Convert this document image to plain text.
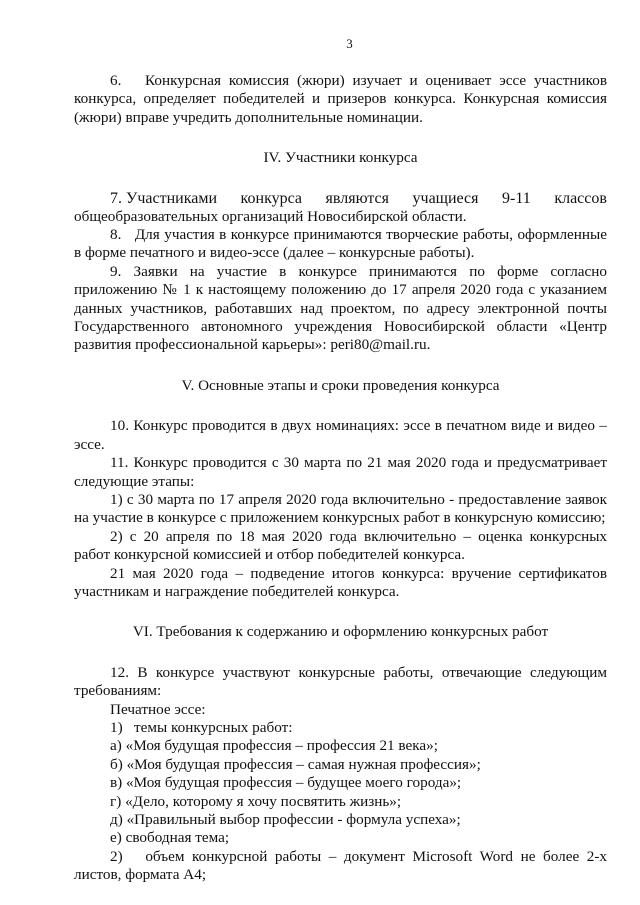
3

6.   Конкурсная комиссия (жюри) изучает и оценивает эссе участников конкурса, определяет победителей и призеров конкурса. Конкурсная комиссия (жюри) вправе учредить дополнительные номинации.

IV. Участники конкурса
7. Участниками конкурса являются учащиеся 9-11 классов

общеобразовательных организаций Новосибирской области.

8.   Для участия в конкурсе принимаются творческие работы, оформленные в форме печатного и видео-эссе (далее – конкурсные работы).

9. Заявки на участие в конкурсе принимаются по форме согласно приложению № 1 к настоящему положению до 17 апреля 2020 года с указанием данных участников, работавших над проектом, по адресу электронной почты Государственного автономного учреждения Новосибирской области «Центр развития профессиональной карьеры»: peri80@mail.ru.

V. Основные этапы и сроки проведения конкурса

10. Конкурс проводится в двух номинациях: эссе в печатном виде и видео – эссе.

11. Конкурс проводится с 30 марта по 21 мая 2020 года и предусматривает следующие этапы:

1) с 30 марта по 17 апреля 2020 года включительно - предоставление заявок на участие в конкурсе с приложением конкурсных работ в конкурсную комиссию;

2) с 20 апреля по 18 мая 2020 года включительно – оценка конкурсных работ конкурсной комиссией и отбор победителей конкурса.

21 мая 2020 года – подведение итогов конкурса: вручение сертификатов участникам и награждение победителей конкурса.

VI. Требования к содержанию и оформлению конкурсных работ

12. В конкурсе участвуют конкурсные работы, отвечающие следующим требованиям:

Печатное эссе:

1)   темы конкурсных работ:

а) «Моя будущая профессия – профессия 21 века»;

б) «Моя будущая профессия – самая нужная профессия»;

в) «Моя будущая профессия – будущее моего города»;

г) «Дело, которому я хочу посвятить жизнь»;

д) «Правильный выбор профессии - формула успеха»;

е) свободная тема;

2)   объем конкурсной работы – документ Microsoft Word не более 2-х листов, формата А4;
